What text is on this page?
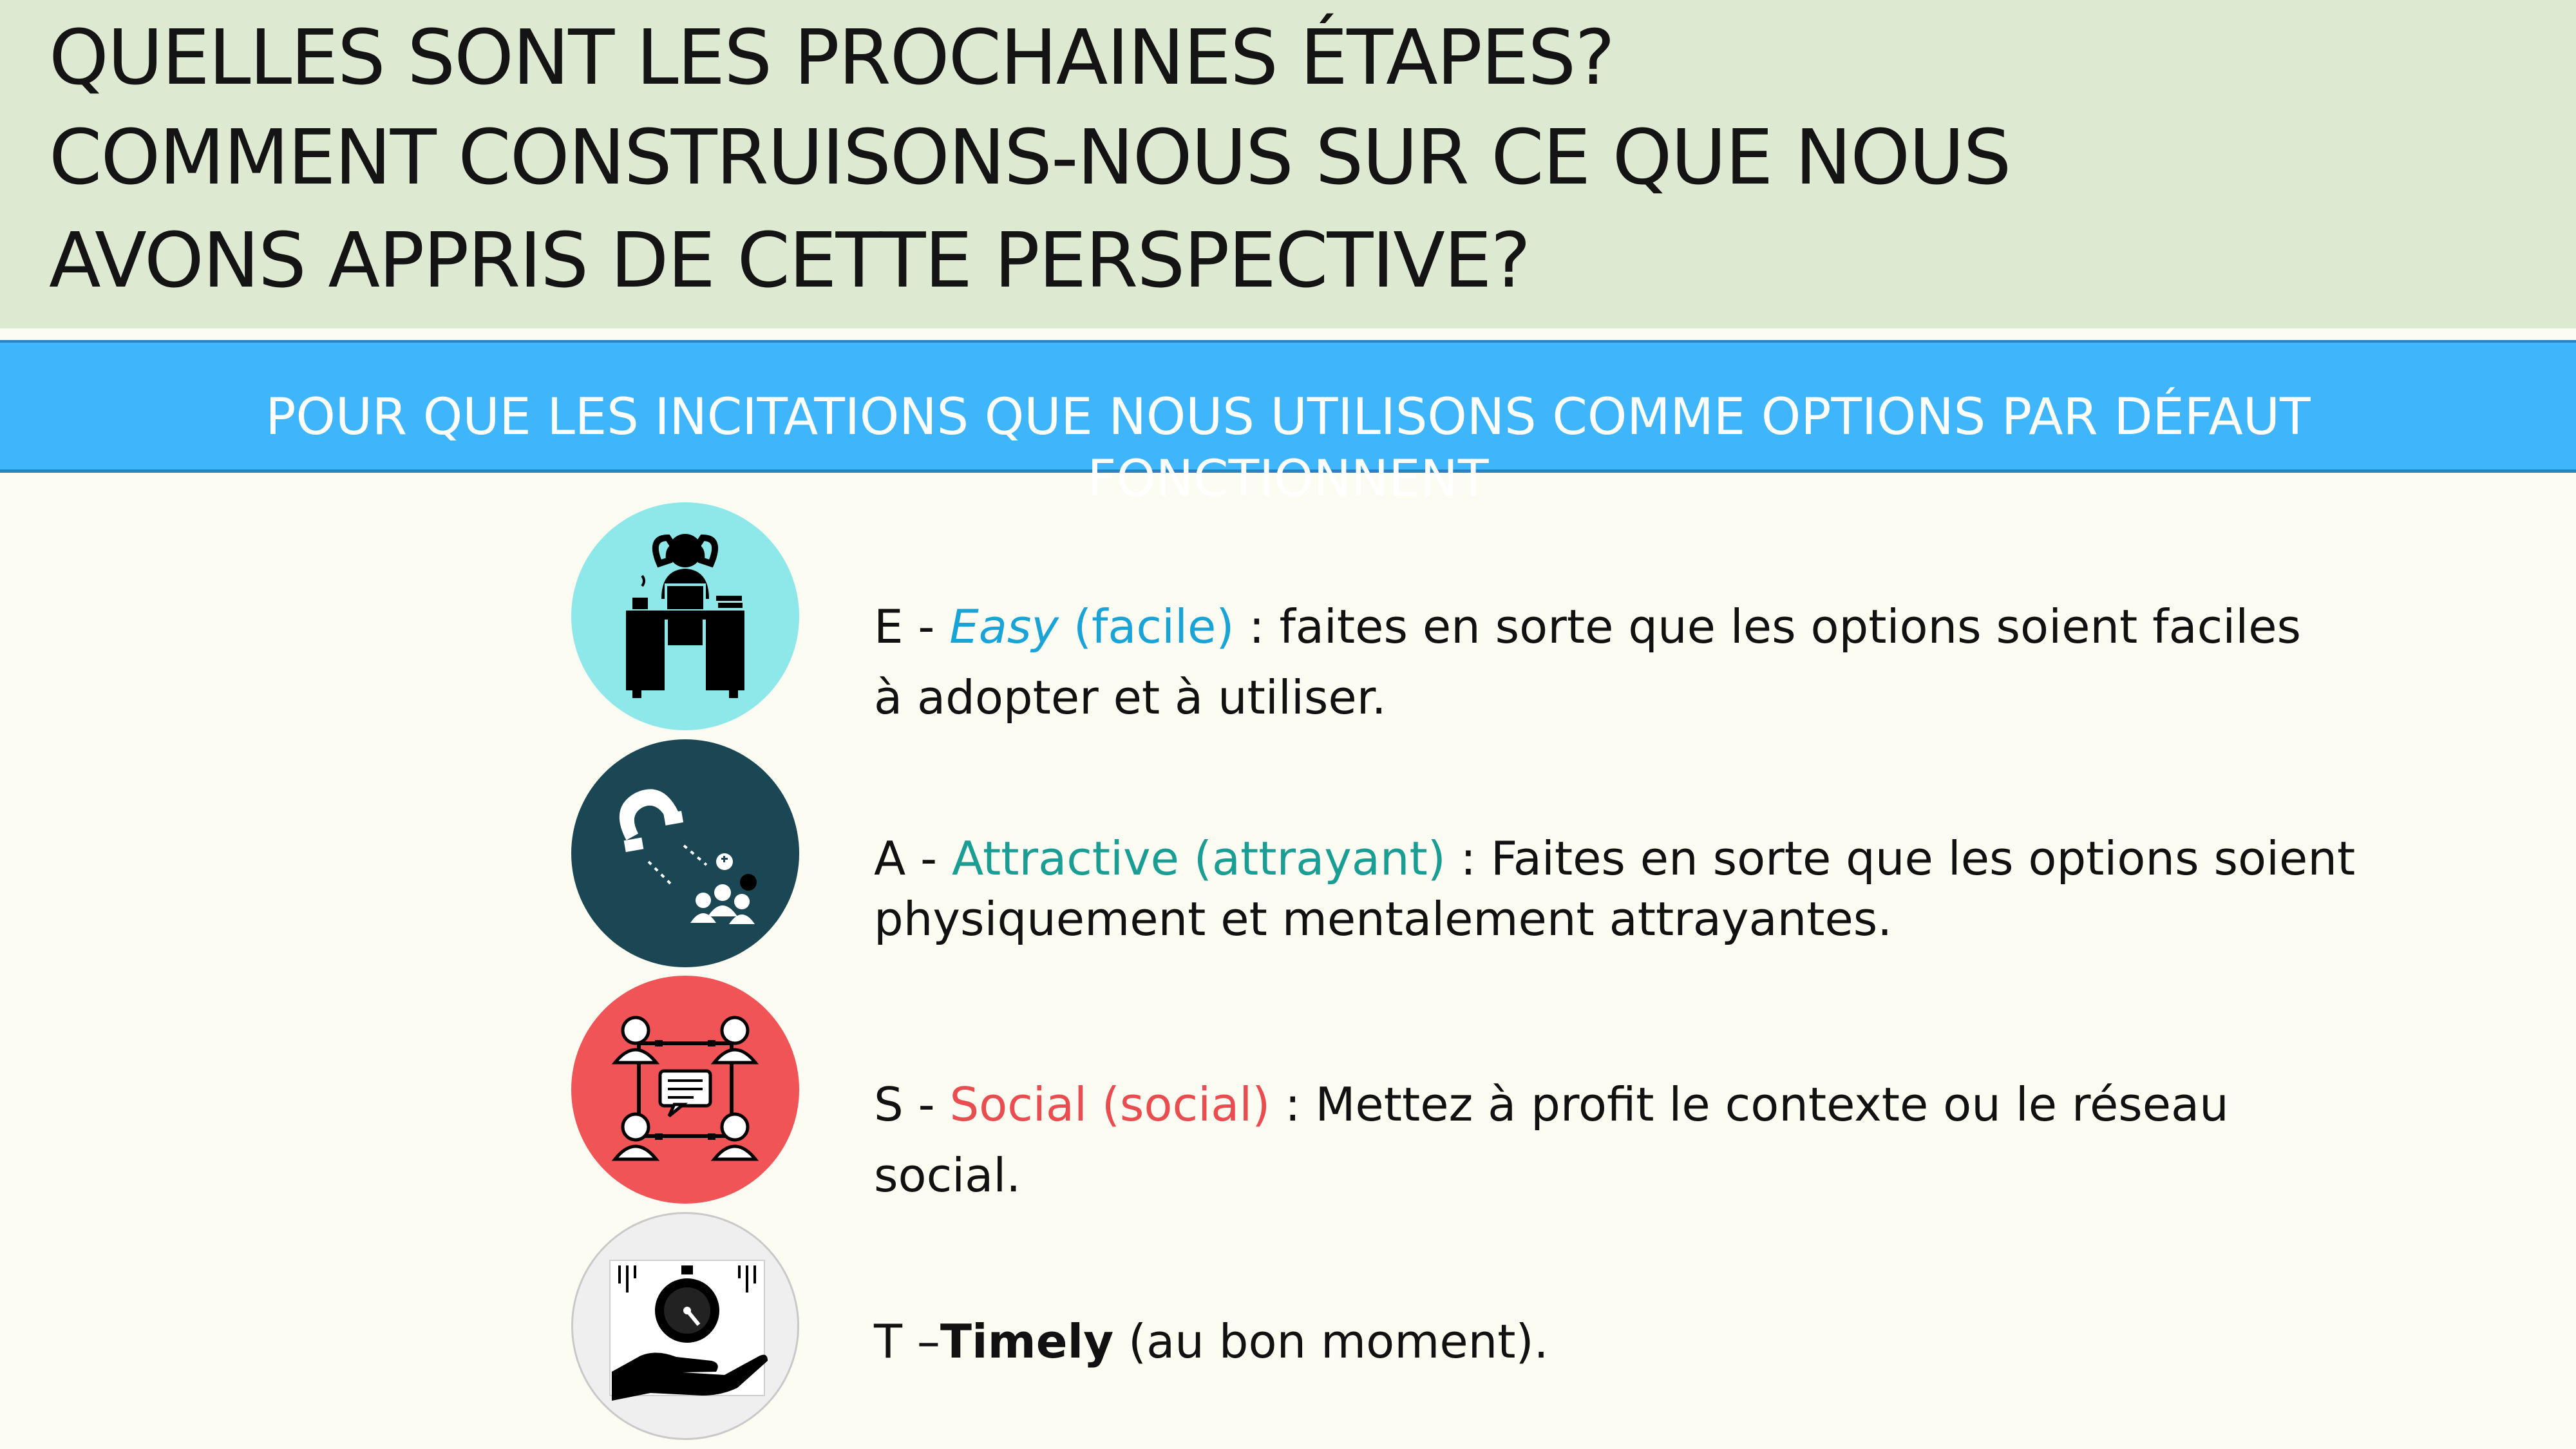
QUELLES SONT LES PROCHAINES ÉTAPES?
COMMENT CONSTRUISONS-NOUS SUR CE QUE NOUS
AVONS APPRIS DE CETTE PERSPECTIVE?
POUR QUE LES INCITATIONS QUE NOUS UTILISONS COMME OPTIONS PAR DÉFAUT FONCTIONNENT

E - Easy (facile) : faites en sorte que les options soient faciles

à adopter et à utiliser.

A - Attractive (attrayant) : Faites en sorte que les options soient

physiquement et mentalement attrayantes.

S - Social (social) : Mettez à profit le contexte ou le réseau

social.

T –Timely (au bon moment).
